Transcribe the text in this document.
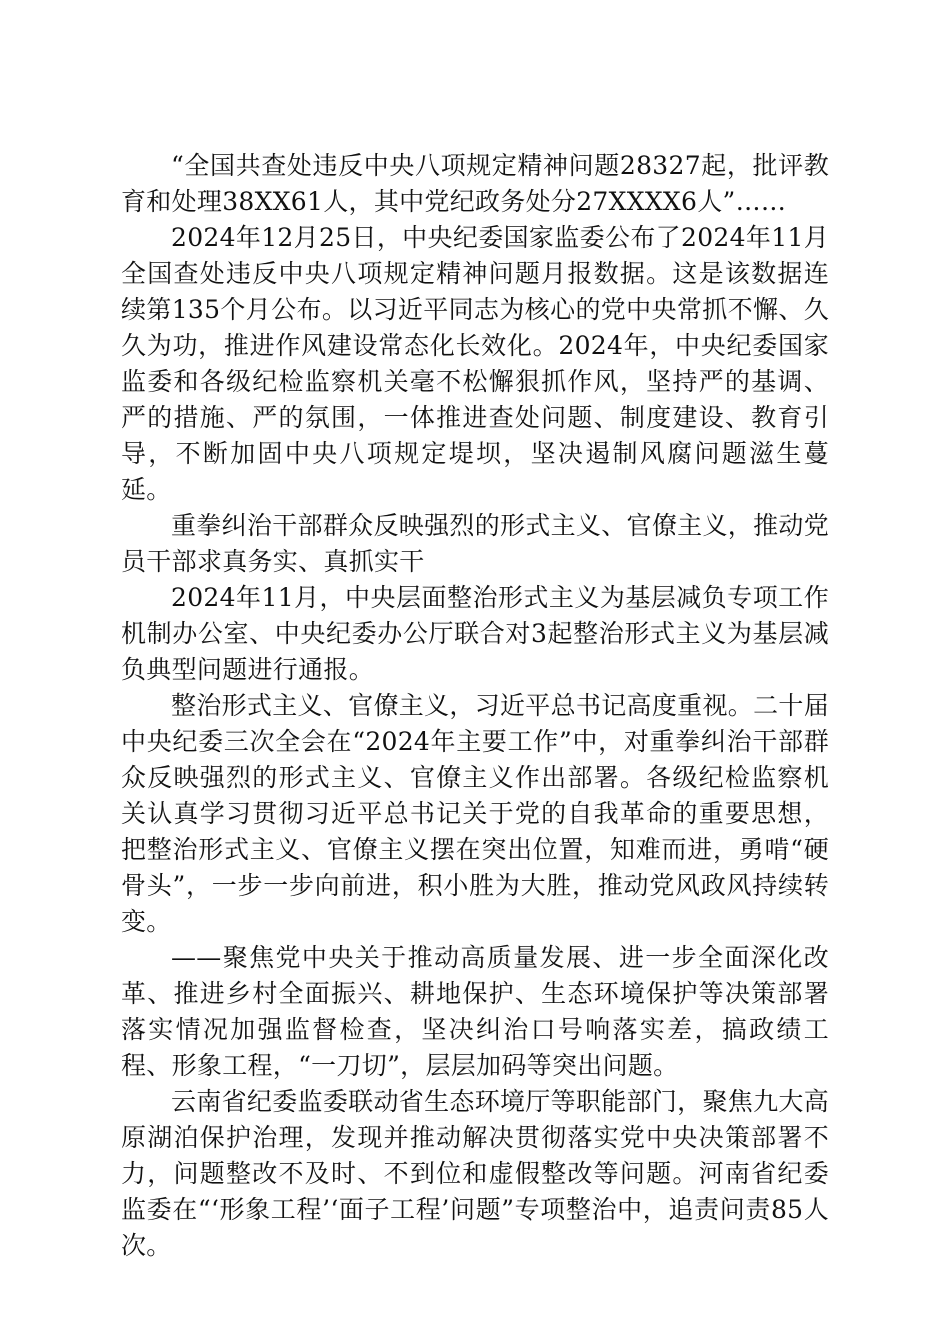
“全国共查处违反中央八项规定精神问题28327起，批评教育和处理38XX61人，其中党纪政务处分27XXXX6人”……

2024年12月25日，中央纪委国家监委公布了2024年11月全国查处违反中央八项规定精神问题月报数据。这是该数据连续第135个月公布。以习近平同志为核心的党中央常抓不懈、久久为功，推进作风建设常态化长效化。2024年，中央纪委国家监委和各级纪检监察机关毫不松懈狠抓作风，坚持严的基调、严的措施、严的氛围，一体推进查处问题、制度建设、教育引导，不断加固中央八项规定堤坝，坚决遏制风腐问题滋生蔓延。

重拳纠治干部群众反映强烈的形式主义、官僚主义，推动党员干部求真务实、真抓实干

2024年11月，中央层面整治形式主义为基层减负专项工作机制办公室、中央纪委办公厅联合对3起整治形式主义为基层减负典型问题进行通报。

整治形式主义、官僚主义，习近平总书记高度重视。二十届中央纪委三次全会在“2024年主要工作”中，对重拳纠治干部群众反映强烈的形式主义、官僚主义作出部署。各级纪检监察机关认真学习贯彻习近平总书记关于党的自我革命的重要思想，把整治形式主义、官僚主义摆在突出位置，知难而进，勇啃“硬骨头”，一步一步向前进，积小胜为大胜，推动党风政风持续转变。

——聚焦党中央关于推动高质量发展、进一步全面深化改革、推进乡村全面振兴、耕地保护、生态环境保护等决策部署落实情况加强监督检查，坚决纠治口号响落实差，搞政绩工程、形象工程，“一刀切”，层层加码等突出问题。

云南省纪委监委联动省生态环境厅等职能部门，聚焦九大高原湖泊保护治理，发现并推动解决贯彻落实党中央决策部署不力，问题整改不及时、不到位和虚假整改等问题。河南省纪委监委在“‘形象工程’‘面子工程’问题”专项整治中，追责问责85人次。
